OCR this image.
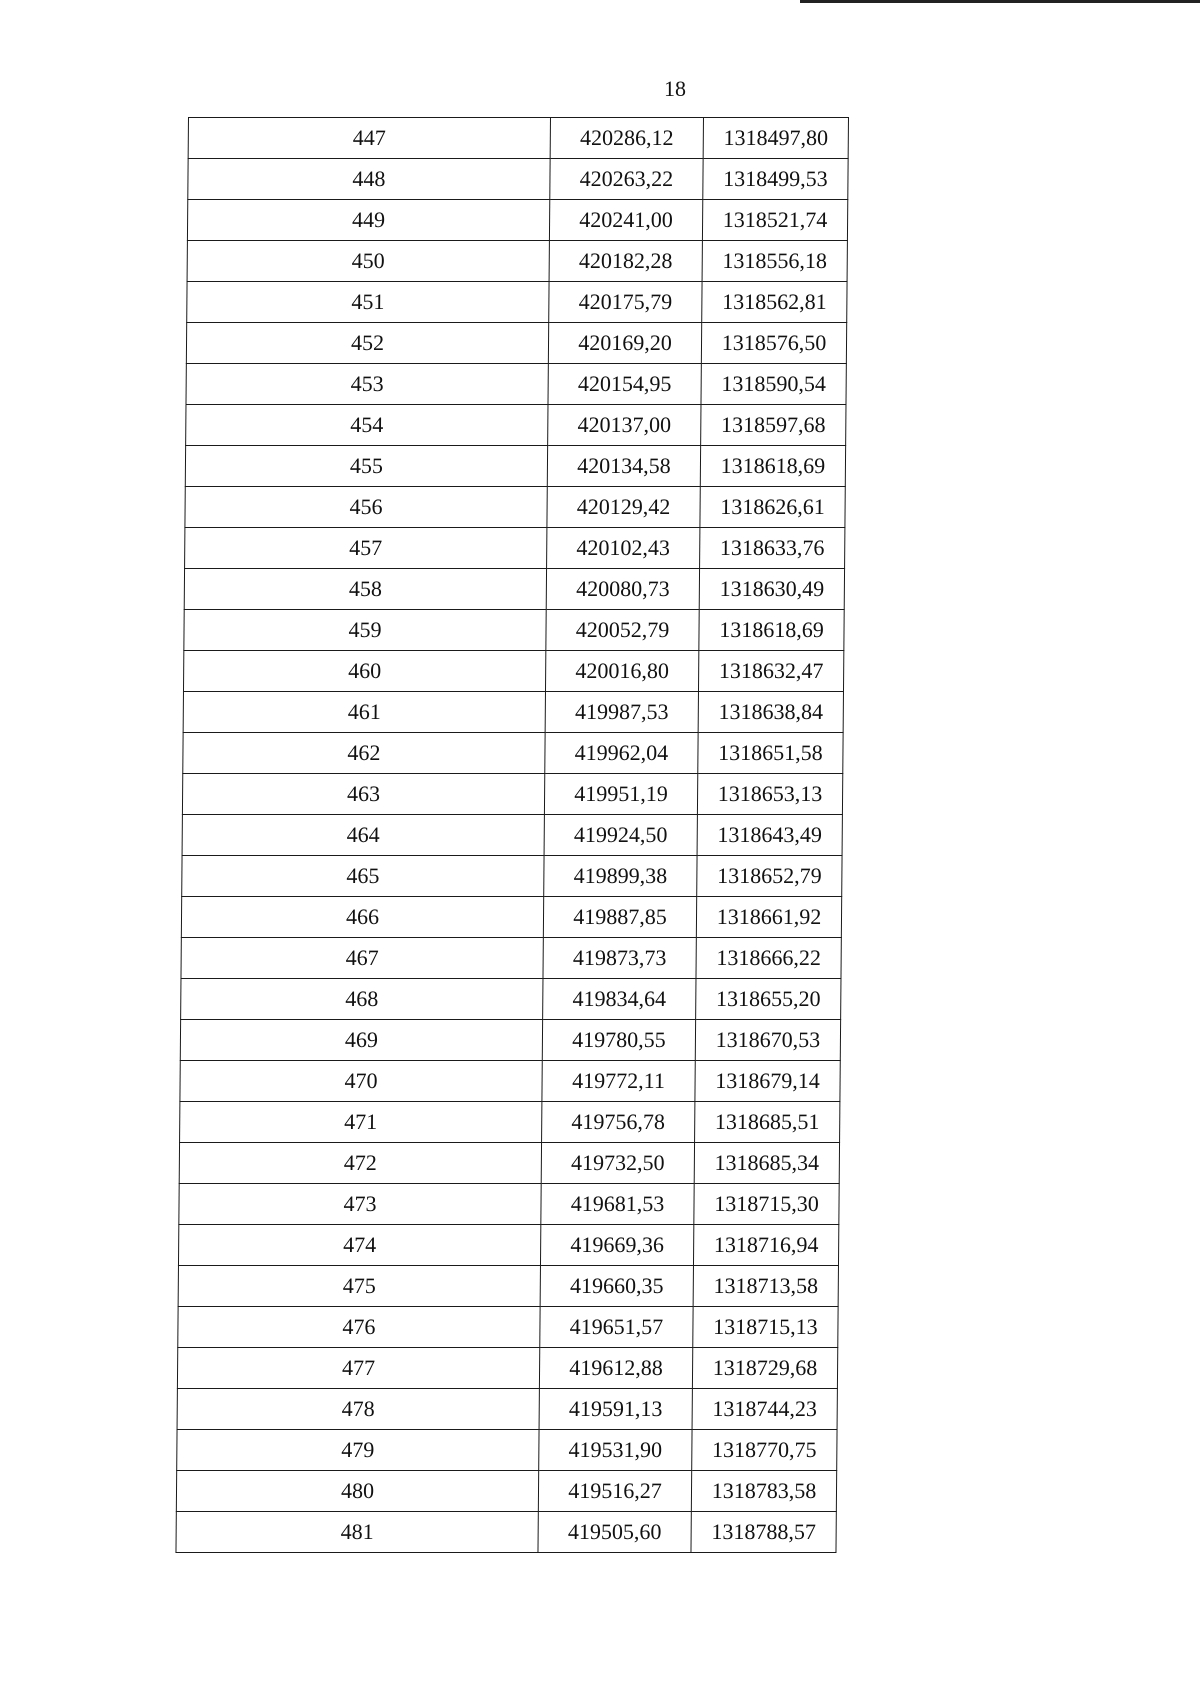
18
447	420286,12	1318497,80
448	420263,22	1318499,53
449	420241,00	1318521,74
450	420182,28	1318556,18
451	420175,79	1318562,81
452	420169,20	1318576,50
453	420154,95	1318590,54
454	420137,00	1318597,68
455	420134,58	1318618,69
456	420129,42	1318626,61
457	420102,43	1318633,76
458	420080,73	1318630,49
459	420052,79	1318618,69
460	420016,80	1318632,47
461	419987,53	1318638,84
462	419962,04	1318651,58
463	419951,19	1318653,13
464	419924,50	1318643,49
465	419899,38	1318652,79
466	419887,85	1318661,92
467	419873,73	1318666,22
468	419834,64	1318655,20
469	419780,55	1318670,53
470	419772,11	1318679,14
471	419756,78	1318685,51
472	419732,50	1318685,34
473	419681,53	1318715,30
474	419669,36	1318716,94
475	419660,35	1318713,58
476	419651,57	1318715,13
477	419612,88	1318729,68
478	419591,13	1318744,23
479	419531,90	1318770,75
480	419516,27	1318783,58
481	419505,60	1318788,57
